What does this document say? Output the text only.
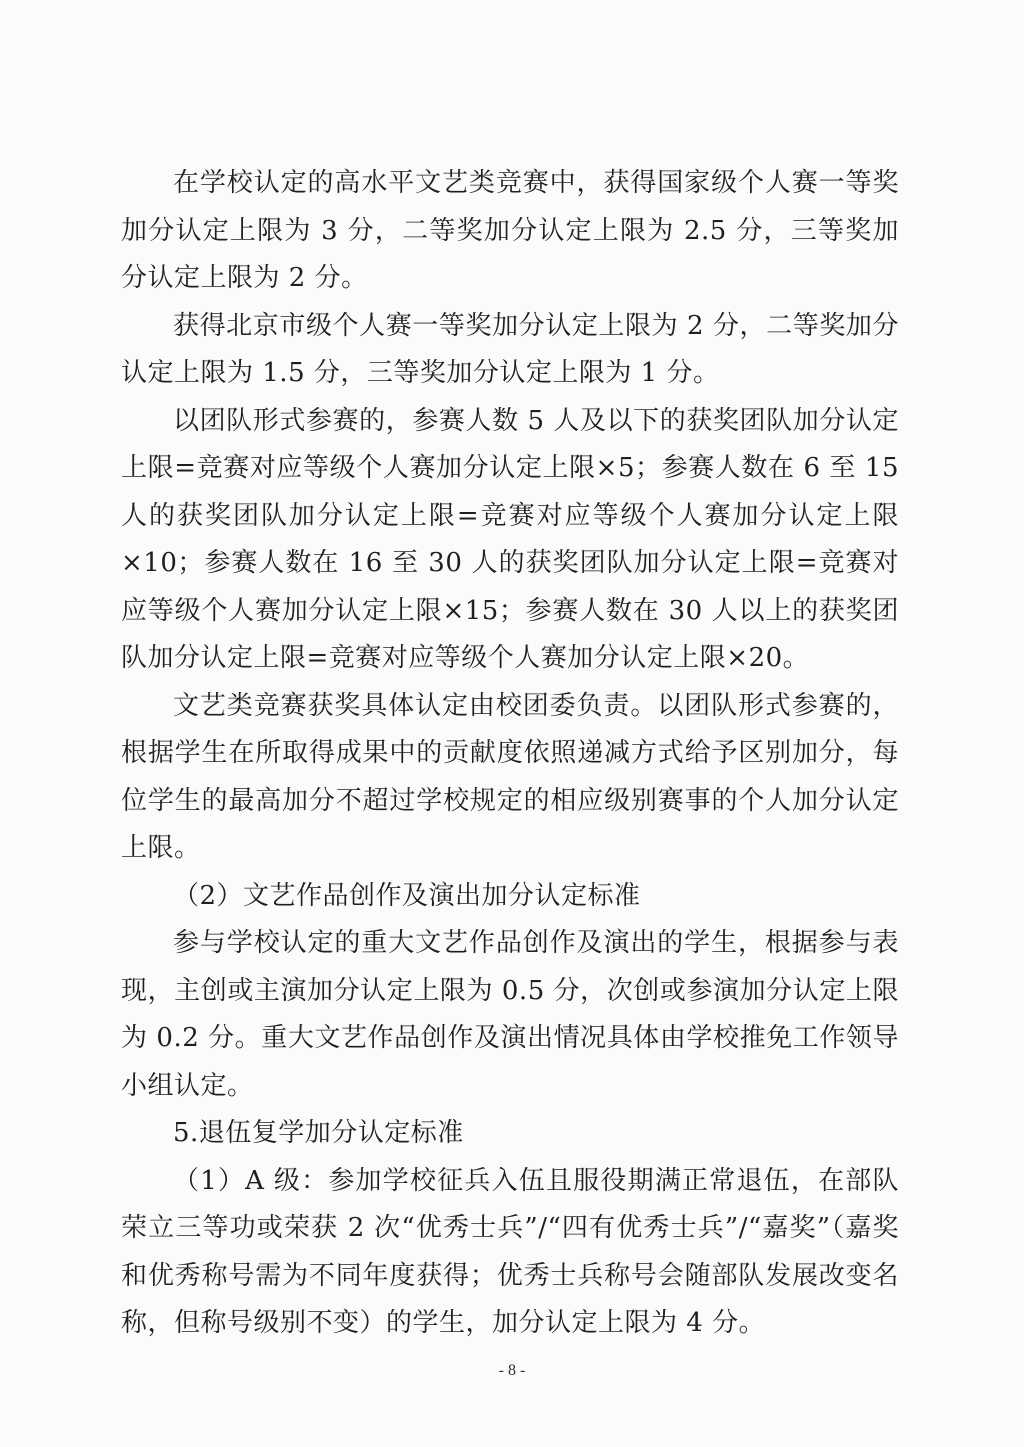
在学校认定的高水平文艺类竞赛中，获得国家级个人赛一等奖加分认定上限为 3 分，二等奖加分认定上限为 2.5 分，三等奖加分认定上限为 2 分。

获得北京市级个人赛一等奖加分认定上限为 2 分，二等奖加分认定上限为 1.5 分，三等奖加分认定上限为 1 分。

以团队形式参赛的，参赛人数 5 人及以下的获奖团队加分认定上限=竞赛对应等级个人赛加分认定上限×5；参赛人数在 6 至 15 人的获奖团队加分认定上限=竞赛对应等级个人赛加分认定上限×10；参赛人数在 16 至 30 人的获奖团队加分认定上限=竞赛对应等级个人赛加分认定上限×15；参赛人数在 30 人以上的获奖团队加分认定上限=竞赛对应等级个人赛加分认定上限×20。

文艺类竞赛获奖具体认定由校团委负责。以团队形式参赛的，根据学生在所取得成果中的贡献度依照递减方式给予区别加分，每位学生的最高加分不超过学校规定的相应级别赛事的个人加分认定上限。

（2）文艺作品创作及演出加分认定标准

参与学校认定的重大文艺作品创作及演出的学生，根据参与表现，主创或主演加分认定上限为 0.5 分，次创或参演加分认定上限为 0.2 分。重大文艺作品创作及演出情况具体由学校推免工作领导小组认定。

5.退伍复学加分认定标准

（1）A 级：参加学校征兵入伍且服役期满正常退伍，在部队荣立三等功或荣获 2 次“优秀士兵”/“四有优秀士兵”/“嘉奖”（嘉奖和优秀称号需为不同年度获得；优秀士兵称号会随部队发展改变名称，但称号级别不变）的学生，加分认定上限为 4 分。

- 8 -
